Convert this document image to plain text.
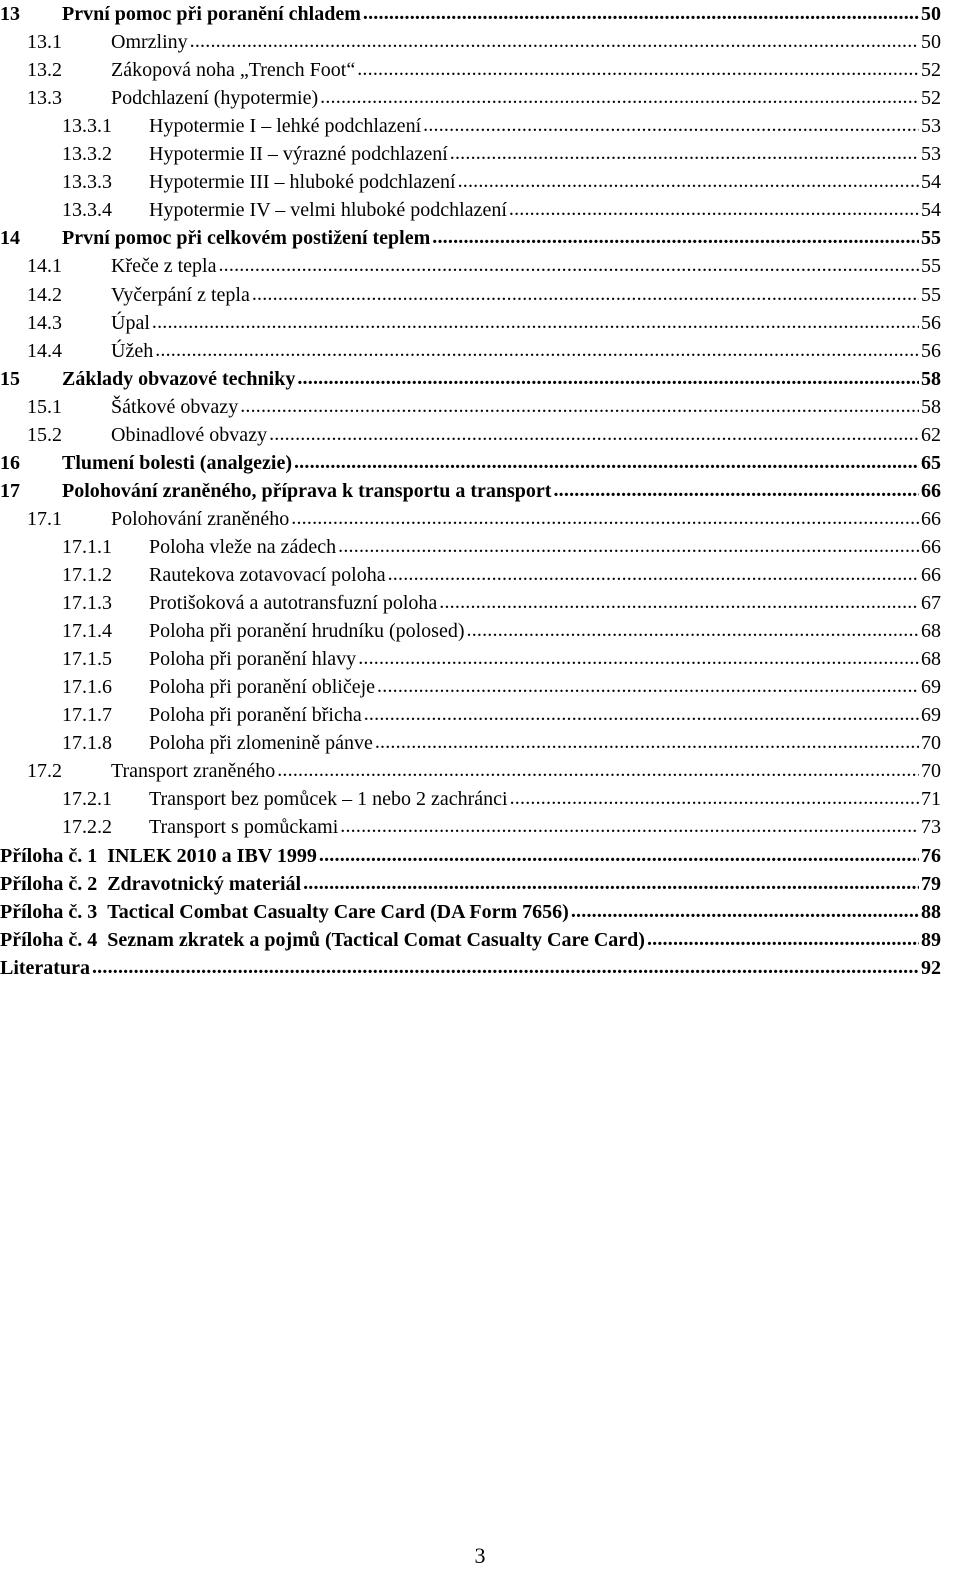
13	První pomoc při poranění chladem .....	50
13.1	Omrzliny .....	50
13.2	Zákopová noha „Trench Foot“ .....	52
13.3	Podchlazení (hypotermie) .....	52
13.3.1	Hypotermie I – lehké podchlazení .....	53
13.3.2	Hypotermie II – výrazné podchlazení .....	53
13.3.3	Hypotermie III – hluboké podchlazení .....	54
13.3.4	Hypotermie IV – velmi hluboké podchlazení .....	54
14	První pomoc při celkovém postižení teplem .....	55
14.1	Křeče z tepla .....	55
14.2	Vyčerpání z tepla .....	55
14.3	Úpal .....	56
14.4	Úžeh .....	56
15	Základy obvazové techniky .....	58
15.1	Šátkové obvazy .....	58
15.2	Obinadlové obvazy .....	62
16	Tlumení bolesti (analgezie) .....	65
17	Polohování zraněného, příprava k transportu a transport .....	66
17.1	Polohování zraněného .....	66
17.1.1	Poloha vleže na zádech .....	66
17.1.2	Rautekova zotavovací poloha .....	66
17.1.3	Protišoková a autotransfuzní poloha .....	67
17.1.4	Poloha při poranění hrudníku (polosed) .....	68
17.1.5	Poloha při poranění hlavy .....	68
17.1.6	Poloha při poranění obličeje .....	69
17.1.7	Poloha při poranění břicha .....	69
17.1.8	Poloha při zlomenině pánve .....	70
17.2	Transport zraněného .....	70
17.2.1	Transport bez pomůcek – 1 nebo 2 zachránci .....	71
17.2.2	Transport s pomůckami .....	73
Příloha č. 1 INLEK 2010 a IBV 1999 .....	76
Příloha č. 2 Zdravotnický materiál .....	79
Příloha č. 3 Tactical Combat Casualty Care Card (DA Form 7656) .....	88
Příloha č. 4 Seznam zkratek a pojmů (Tactical Comat Casualty Care Card) .....	89
Literatura .....	92
3
